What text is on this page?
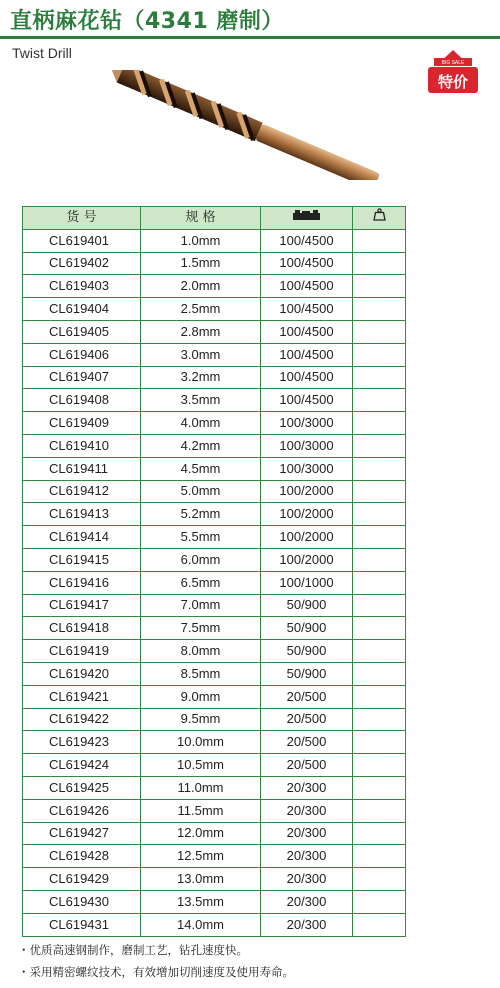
直柄麻花钻（4341 磨制）
Twist Drill
BIG SALE
特价
货 号	规 格		
CL619401	1.0mm	100/4500	
CL619402	1.5mm	100/4500	
CL619403	2.0mm	100/4500	
CL619404	2.5mm	100/4500	
CL619405	2.8mm	100/4500	
CL619406	3.0mm	100/4500	
CL619407	3.2mm	100/4500	
CL619408	3.5mm	100/4500	
CL619409	4.0mm	100/3000	
CL619410	4.2mm	100/3000	
CL619411	4.5mm	100/3000	
CL619412	5.0mm	100/2000	
CL619413	5.2mm	100/2000	
CL619414	5.5mm	100/2000	
CL619415	6.0mm	100/2000	
CL619416	6.5mm	100/1000	
CL619417	7.0mm	50/900	
CL619418	7.5mm	50/900	
CL619419	8.0mm	50/900	
CL619420	8.5mm	50/900	
CL619421	9.0mm	20/500	
CL619422	9.5mm	20/500	
CL619423	10.0mm	20/500	
CL619424	10.5mm	20/500	
CL619425	11.0mm	20/300	
CL619426	11.5mm	20/300	
CL619427	12.0mm	20/300	
CL619428	12.5mm	20/300	
CL619429	13.0mm	20/300	
CL619430	13.5mm	20/300	
CL619431	14.0mm	20/300	
・优质高速钢制作，磨制工艺，钻孔速度快。
・采用精密螺纹技术，有效增加切削速度及使用寿命。
